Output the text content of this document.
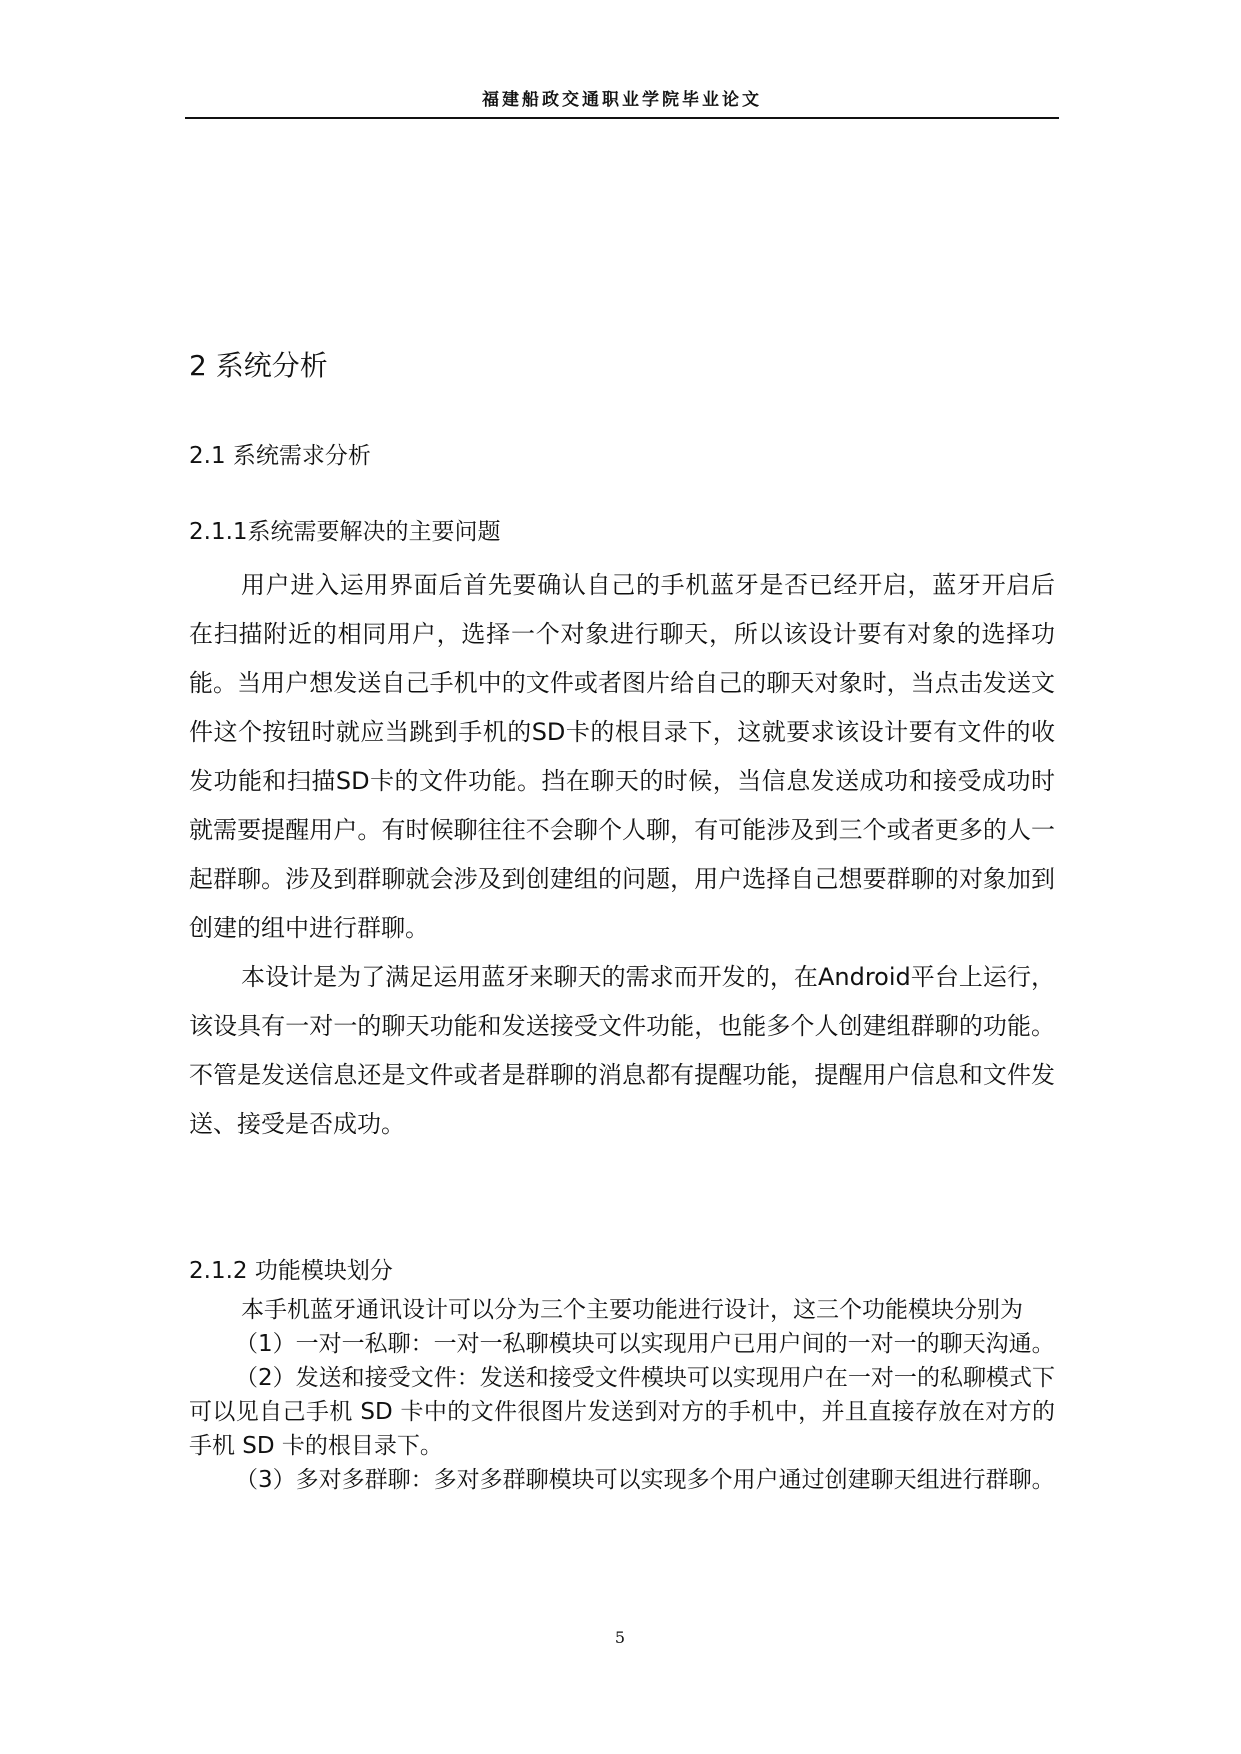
福建船政交通职业学院毕业论文
2 系统分析
2.1 系统需求分析
2.1.1系统需要解决的主要问题

用户进入运用界面后首先要确认自己的手机蓝牙是否已经开启，蓝牙开启后在扫描附近的相同用户，选择一个对象进行聊天，所以该设计要有对象的选择功能。当用户想发送自己手机中的文件或者图片给自己的聊天对象时，当点击发送文件这个按钮时就应当跳到手机的SD卡的根目录下，这就要求该设计要有文件的收发功能和扫描SD卡的文件功能。挡在聊天的时候，当信息发送成功和接受成功时就需要提醒用户。有时候聊往往不会聊个人聊，有可能涉及到三个或者更多的人一起群聊。涉及到群聊就会涉及到创建组的问题，用户选择自己想要群聊的对象加到创建的组中进行群聊。

本设计是为了满足运用蓝牙来聊天的需求而开发的，在Android平台上运行，该设具有一对一的聊天功能和发送接受文件功能，也能多个人创建组群聊的功能。不管是发送信息还是文件或者是群聊的消息都有提醒功能，提醒用户信息和文件发送、接受是否成功。

2.1.2 功能模块划分

本手机蓝牙通讯设计可以分为三个主要功能进行设计，这三个功能模块分别为

（1）一对一私聊：一对一私聊模块可以实现用户已用户间的一对一的聊天沟通。

（2）发送和接受文件：发送和接受文件模块可以实现用户在一对一的私聊模式下可以见自己手机 SD 卡中的文件很图片发送到对方的手机中，并且直接存放在对方的手机 SD 卡的根目录下。

（3）多对多群聊：多对多群聊模块可以实现多个用户通过创建聊天组进行群聊。

5
